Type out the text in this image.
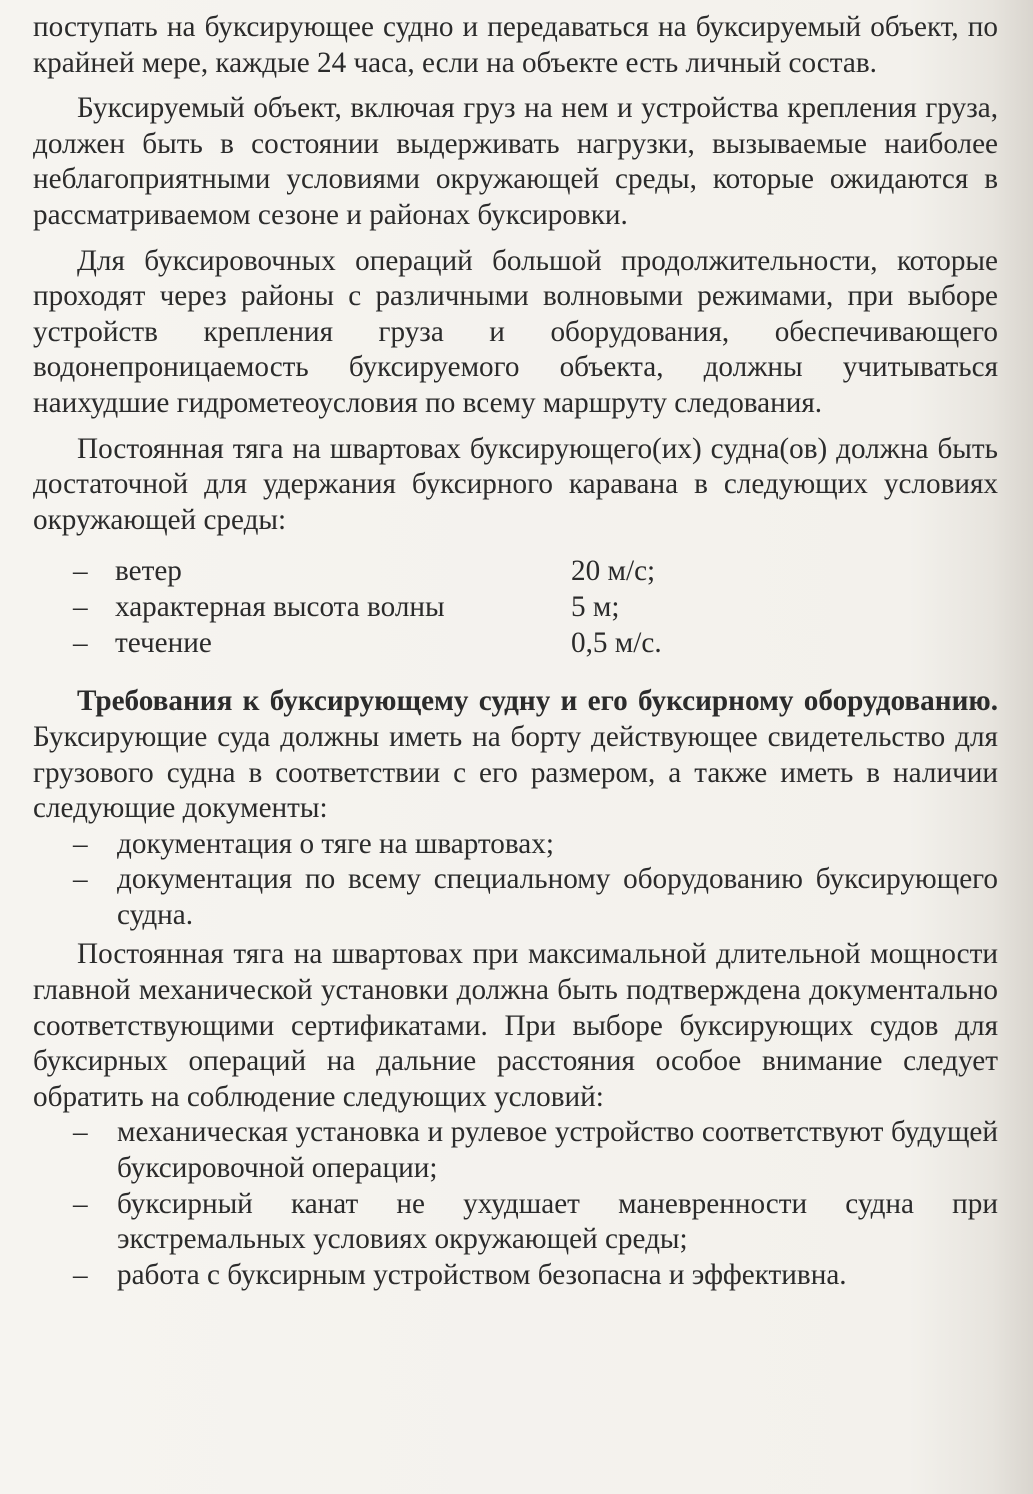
поступать на буксирующее судно и передаваться на буксируемый объект, по крайней мере, каждые 24 часа, если на объекте есть личный состав.

Буксируемый объект, включая груз на нем и устройства крепления груза, должен быть в состоянии выдерживать нагрузки, вызываемые наиболее неблагоприятными условиями окружающей среды, которые ожидаются в рассматриваемом сезоне и районах буксировки.

Для буксировочных операций большой продолжительности, которые проходят через районы с различными волновыми режимами, при выборе устройств крепления груза и оборудования, обеспечивающего водонепроницаемость буксируемого объекта, должны учитываться наихудшие гидрометеоусловия по всему маршруту следования.

Постоянная тяга на швартовах буксирующего(их) судна(ов) должна быть достаточной для удержания буксирного каравана в следующих условиях окружающей среды:

– ветер	20 м/с;
– характерная высота волны	5 м;
– течение	0,5 м/с.

Требования к буксирующему судну и его буксирному оборудованию. Буксирующие суда должны иметь на борту действующее свидетельство для грузового судна в соответствии с его размером, а также иметь в наличии следующие документы:

– документация о тяге на швартовах;
– документация по всему специальному оборудованию буксирующего судна.

Постоянная тяга на швартовах при максимальной длительной мощности главной механической установки должна быть подтверждена документально соответствующими сертификатами. При выборе буксирующих судов для буксирных операций на дальние расстояния особое внимание следует обратить на соблюдение следующих условий:

– механическая установка и рулевое устройство соответствуют будущей буксировочной операции;
– буксирный канат не ухудшает маневренности судна при экстремальных условиях окружающей среды;
– работа с буксирным устройством безопасна и эффективна.
